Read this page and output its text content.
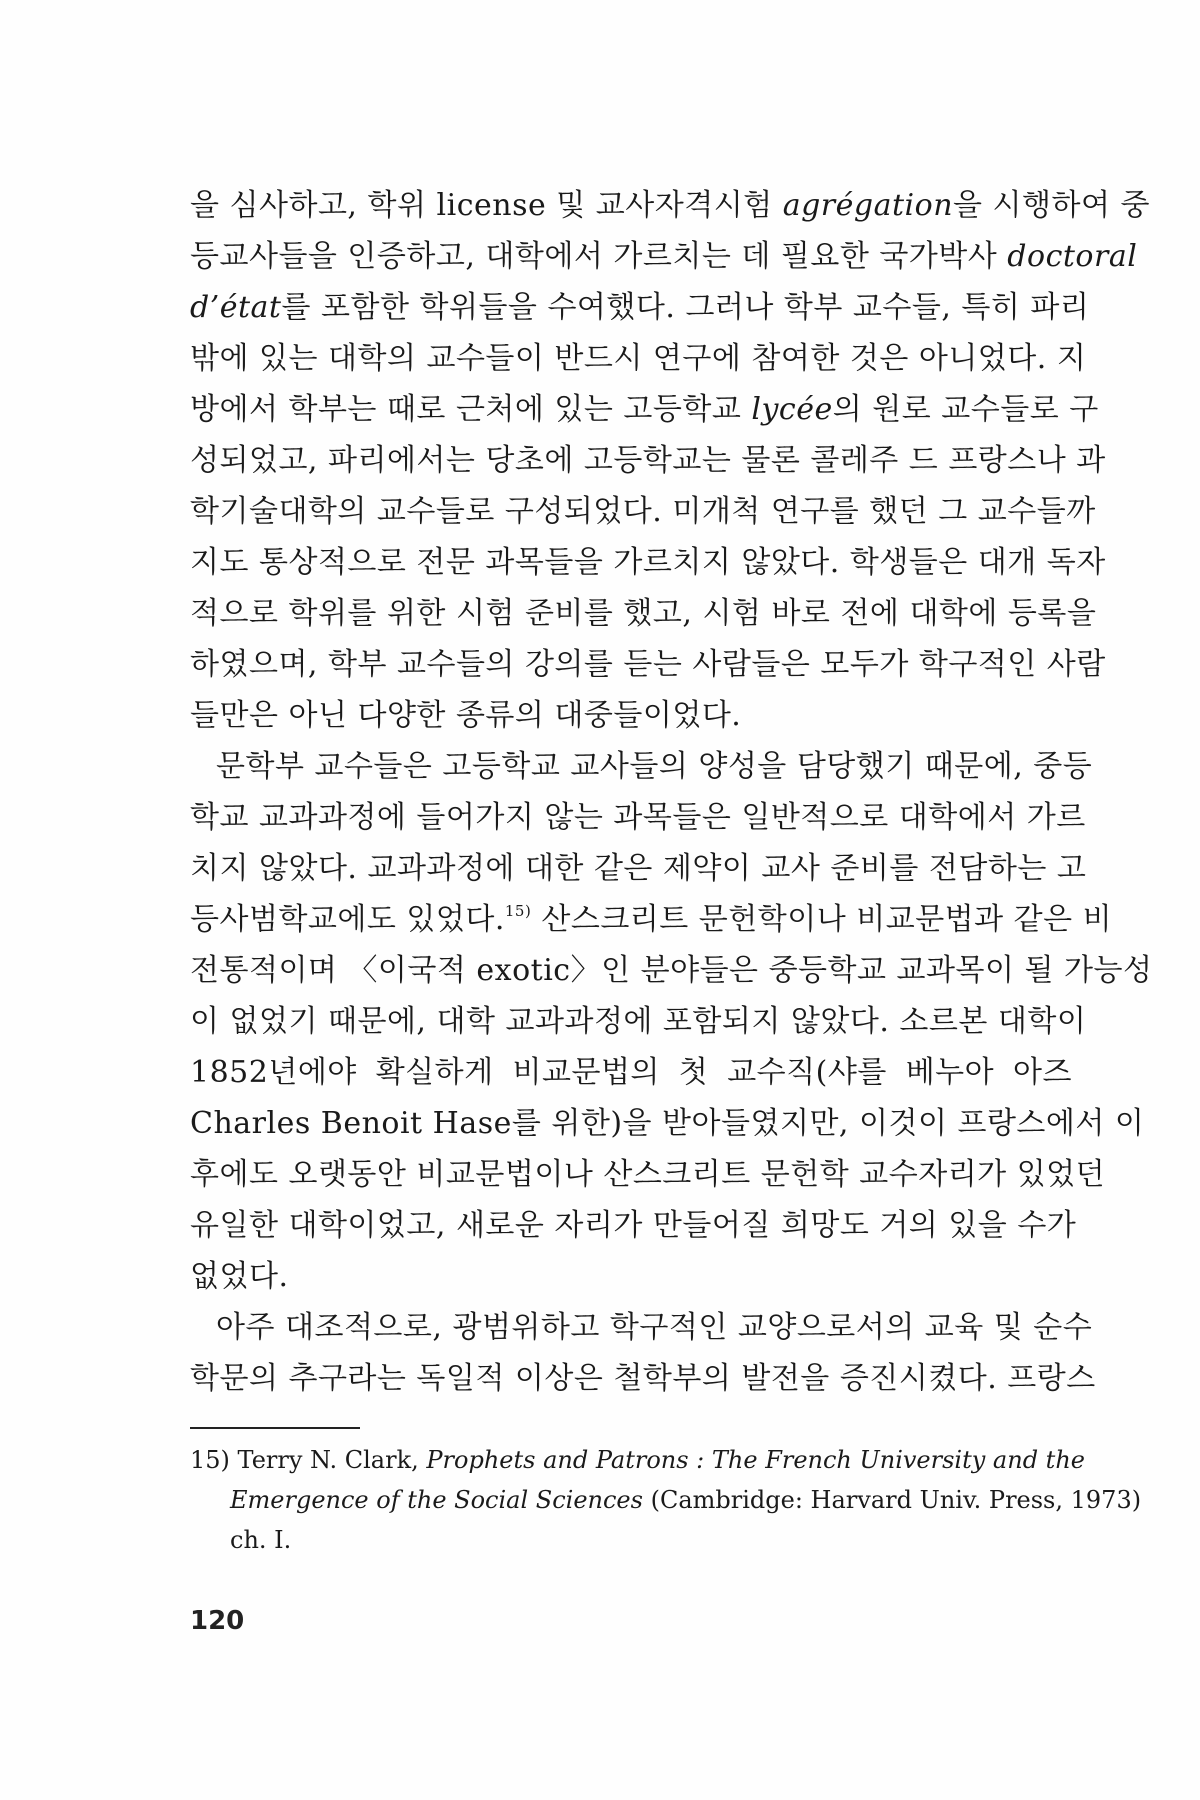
을 심사하고, 학위 license 및 교사자격시험 agrégation을 시행하여 중
등교사들을 인증하고, 대학에서 가르치는 데 필요한 국가박사 doctoral
d’état를 포함한 학위들을 수여했다. 그러나 학부 교수들, 특히 파리
밖에 있는 대학의 교수들이 반드시 연구에 참여한 것은 아니었다. 지
방에서 학부는 때로 근처에 있는 고등학교 lycée의 원로 교수들로 구
성되었고, 파리에서는 당초에 고등학교는 물론 콜레주 드 프랑스나 과
학기술대학의 교수들로 구성되었다. 미개척 연구를 했던 그 교수들까
지도 통상적으로 전문 과목들을 가르치지 않았다. 학생들은 대개 독자
적으로 학위를 위한 시험 준비를 했고, 시험 바로 전에 대학에 등록을
하였으며, 학부 교수들의 강의를 듣는 사람들은 모두가 학구적인 사람
들만은 아닌 다양한 종류의 대중들이었다.
문학부 교수들은 고등학교 교사들의 양성을 담당했기 때문에, 중등
학교 교과과정에 들어가지 않는 과목들은 일반적으로 대학에서 가르
치지 않았다. 교과과정에 대한 같은 제약이 교사 준비를 전담하는 고
등사범학교에도 있었다.$^{15)}$ 산스크리트 문헌학이나 비교문법과 같은 비
전통적이며 〈이국적 exotic〉인 분야들은 중등학교 교과목이 될 가능성
이 없었기 때문에, 대학 교과과정에 포함되지 않았다. 소르본 대학이
1852년에야 확실하게 비교문법의 첫 교수직(샤를 베누아 아즈
Charles Benoit Hase를 위한)을 받아들였지만, 이것이 프랑스에서 이
후에도 오랫동안 비교문법이나 산스크리트 문헌학 교수자리가 있었던
유일한 대학이었고, 새로운 자리가 만들어질 희망도 거의 있을 수가
없었다.
아주 대조적으로, 광범위하고 학구적인 교양으로서의 교육 및 순수
학문의 추구라는 독일적 이상은 철학부의 발전을 증진시켰다. 프랑스
15) Terry N. Clark, Prophets and Patrons : The French University and the
Emergence of the Social Sciences (Cambridge: Harvard Univ. Press, 1973)
ch. I.
120
